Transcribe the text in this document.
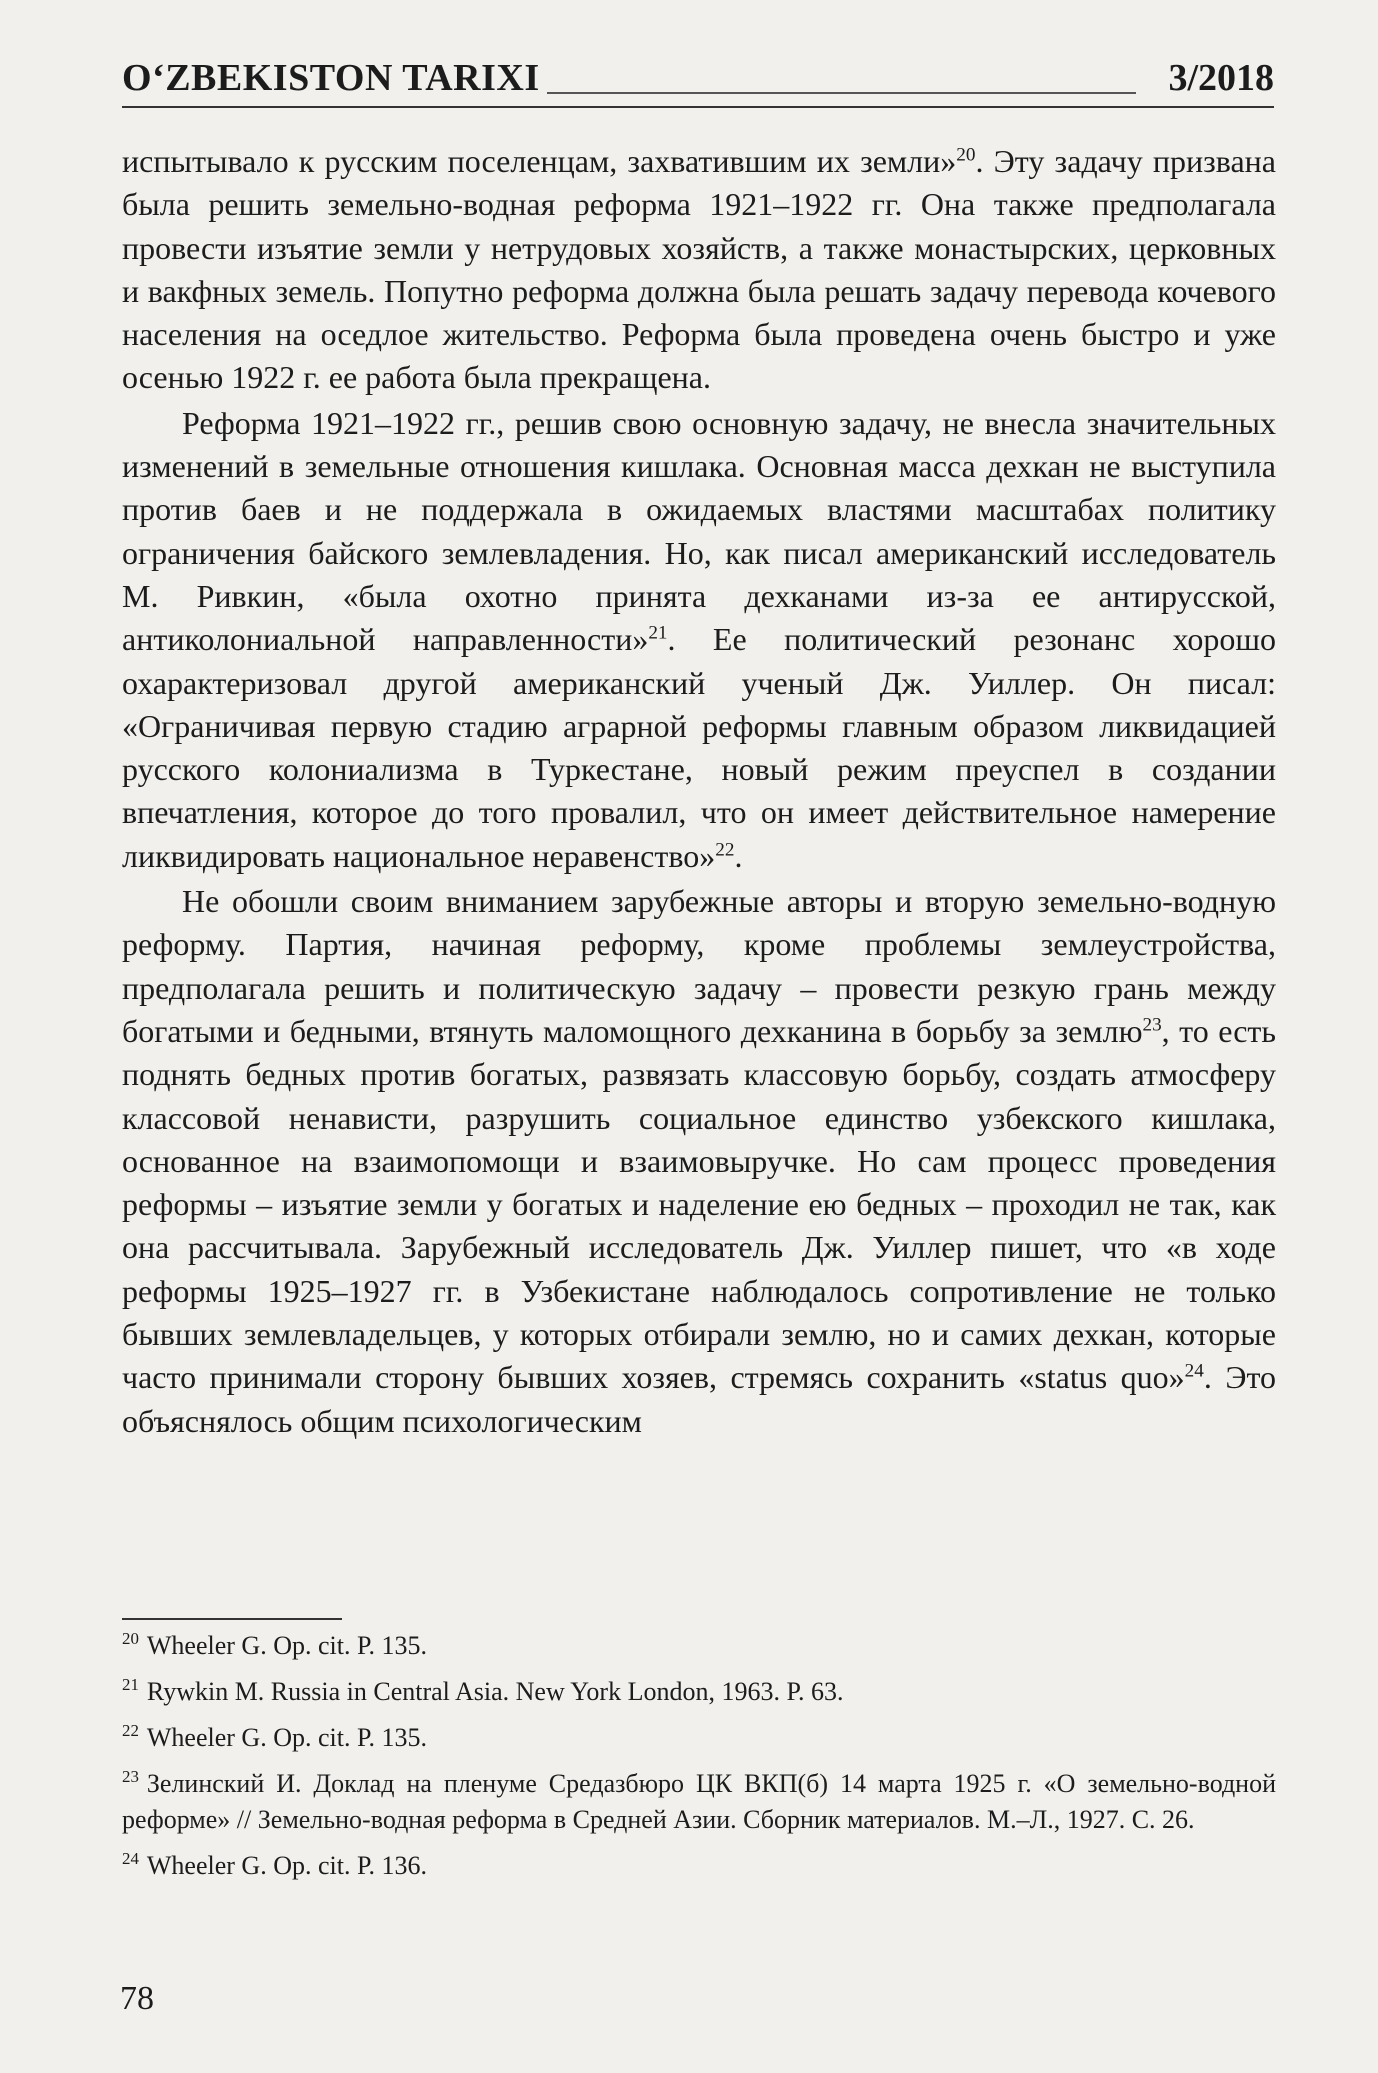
O‘ZBEKISTON TARIXI	3/2018

испытывало к русским поселенцам, захватившим их земли»$^{20}$. Эту задачу призвана была решить земельно-водная реформа 1921–1922 гг. Она также предполагала провести изъятие земли у нетрудовых хозяйств, а также монастырских, церковных и вакфных земель. Попутно реформа должна была решать задачу перевода кочевого населения на оседлое жительство. Реформа была проведена очень быстро и уже осенью 1922 г. ее работа была прекращена.

Реформа 1921–1922 гг., решив свою основную задачу, не внесла значительных изменений в земельные отношения кишлака. Основная масса дехкан не выступила против баев и не поддержала в ожидаемых властями масштабах политику ограничения байского землевладения. Но, как писал американский исследователь М. Ривкин, «была охотно принята дехканами из-за ее антирусской, антиколониальной направленности»$^{21}$. Ее политический резонанс хорошо охарактеризовал другой американский ученый Дж. Уиллер. Он писал: «Ограничивая первую стадию аграрной реформы главным образом ликвидацией русского колониализма в Туркестане, новый режим преуспел в создании впечатления, которое до того провалил, что он имеет действительное намерение ликвидировать национальное неравенство»$^{22}$.

Не обошли своим вниманием зарубежные авторы и вторую земельно-водную реформу. Партия, начиная реформу, кроме проблемы землеустройства, предполагала решить и политическую задачу – провести резкую грань между богатыми и бедными, втянуть маломощного дехканина в борьбу за землю$^{23}$, то есть поднять бедных против богатых, развязать классовую борьбу, создать атмосферу классовой ненависти, разрушить социальное единство узбекского кишлака, основанное на взаимопомощи и взаимовыручке. Но сам процесс проведения реформы – изъятие земли у богатых и наделение ею бедных – проходил не так, как она рассчитывала. Зарубежный исследователь Дж. Уиллер пишет, что «в ходе реформы 1925–1927 гг. в Узбекистане наблюдалось сопротивление не только бывших землевладельцев, у которых отбирали землю, но и самих дехкан, которые часто принимали сторону бывших хозяев, стремясь сохранить «status quo»$^{24}$. Это объяснялось общим психологическим

$^{20}$ Wheeler G. Op. cit. P. 135.
$^{21}$ Rywkin M. Russia in Central Asia. New York London, 1963. P. 63.
$^{22}$ Wheeler G. Op. cit. P. 135.
$^{23}$ Зелинский И. Доклад на пленуме Средазбюро ЦК ВКП(б) 14 марта 1925 г. «О земельно-водной реформе» // Земельно-водная реформа в Средней Азии. Сборник материалов. М.–Л., 1927. С. 26.
$^{24}$ Wheeler G. Op. cit. P. 136.
78
